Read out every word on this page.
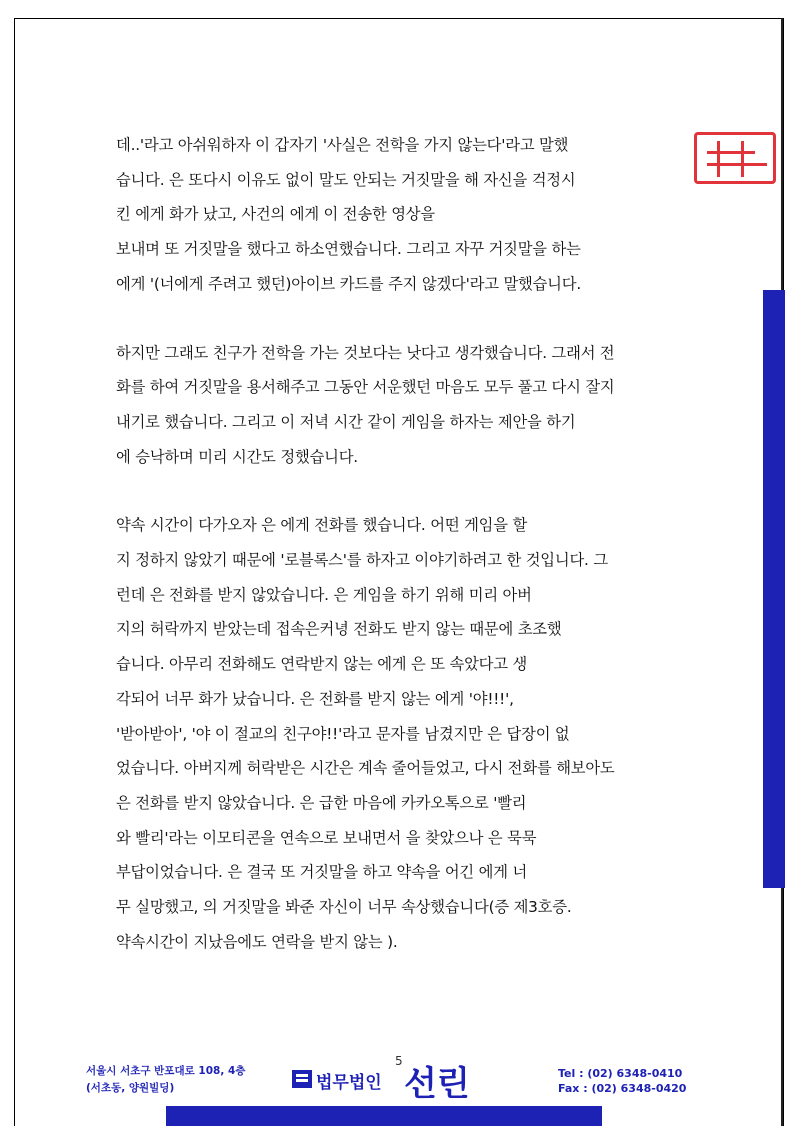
데..'라고 아쉬워하자 이 갑자기 '사실은 전학을 가지 않는다'라고 말했
습니다. 은 또다시 이유도 없이 말도 안되는 거짓말을 해 자신을 걱정시
킨 에게 화가 났고, 사건의 에게 이 전송한 영상을
보내며 또 거짓말을 했다고 하소연했습니다. 그리고 자꾸 거짓말을 하는
에게 '(너에게 주려고 했던)아이브 카드를 주지 않겠다'라고 말했습니다.
하지만 그래도 친구가 전학을 가는 것보다는 낫다고 생각했습니다. 그래서 전
화를 하여 거짓말을 용서해주고 그동안 서운했던 마음도 모두 풀고 다시 잘지
내기로 했습니다. 그리고 이 저녁 시간 같이 게임을 하자는 제안을 하기
에 승낙하며 미리 시간도 정했습니다.
약속 시간이 다가오자 은 에게 전화를 했습니다. 어떤 게임을 할
지 정하지 않았기 때문에 '로블록스'를 하자고 이야기하려고 한 것입니다. 그
런데 은 전화를 받지 않았습니다. 은 게임을 하기 위해 미리 아버
지의 허락까지 받았는데 접속은커녕 전화도 받지 않는 때문에 초조했
습니다. 아무리 전화해도 연락받지 않는 에게 은 또 속았다고 생
각되어 너무 화가 났습니다. 은 전화를 받지 않는 에게 '야!!!',
'받아받아', '야 이 절교의 친구야!!'라고 문자를 남겼지만 은 답장이 없
었습니다. 아버지께 허락받은 시간은 계속 줄어들었고, 다시 전화를 해보아도
은 전화를 받지 않았습니다. 은 급한 마음에 카카오톡으로 '빨리
와 빨리'라는 이모티콘을 연속으로 보내면서 을 찾았으나 은 묵묵
부답이었습니다. 은 결국 또 거짓말을 하고 약속을 어긴 에게 너
무 실망했고, 의 거짓말을 봐준 자신이 너무 속상했습니다(증 제3호증.
약속시간이 지났음에도 연락을 받지 않는 ).
서울시 서초구 반포대로 108, 4층
(서초동, 양원빌딩)
5
법무법인 선린	Tel : (02) 6348-0410
Fax : (02) 6348-0420
